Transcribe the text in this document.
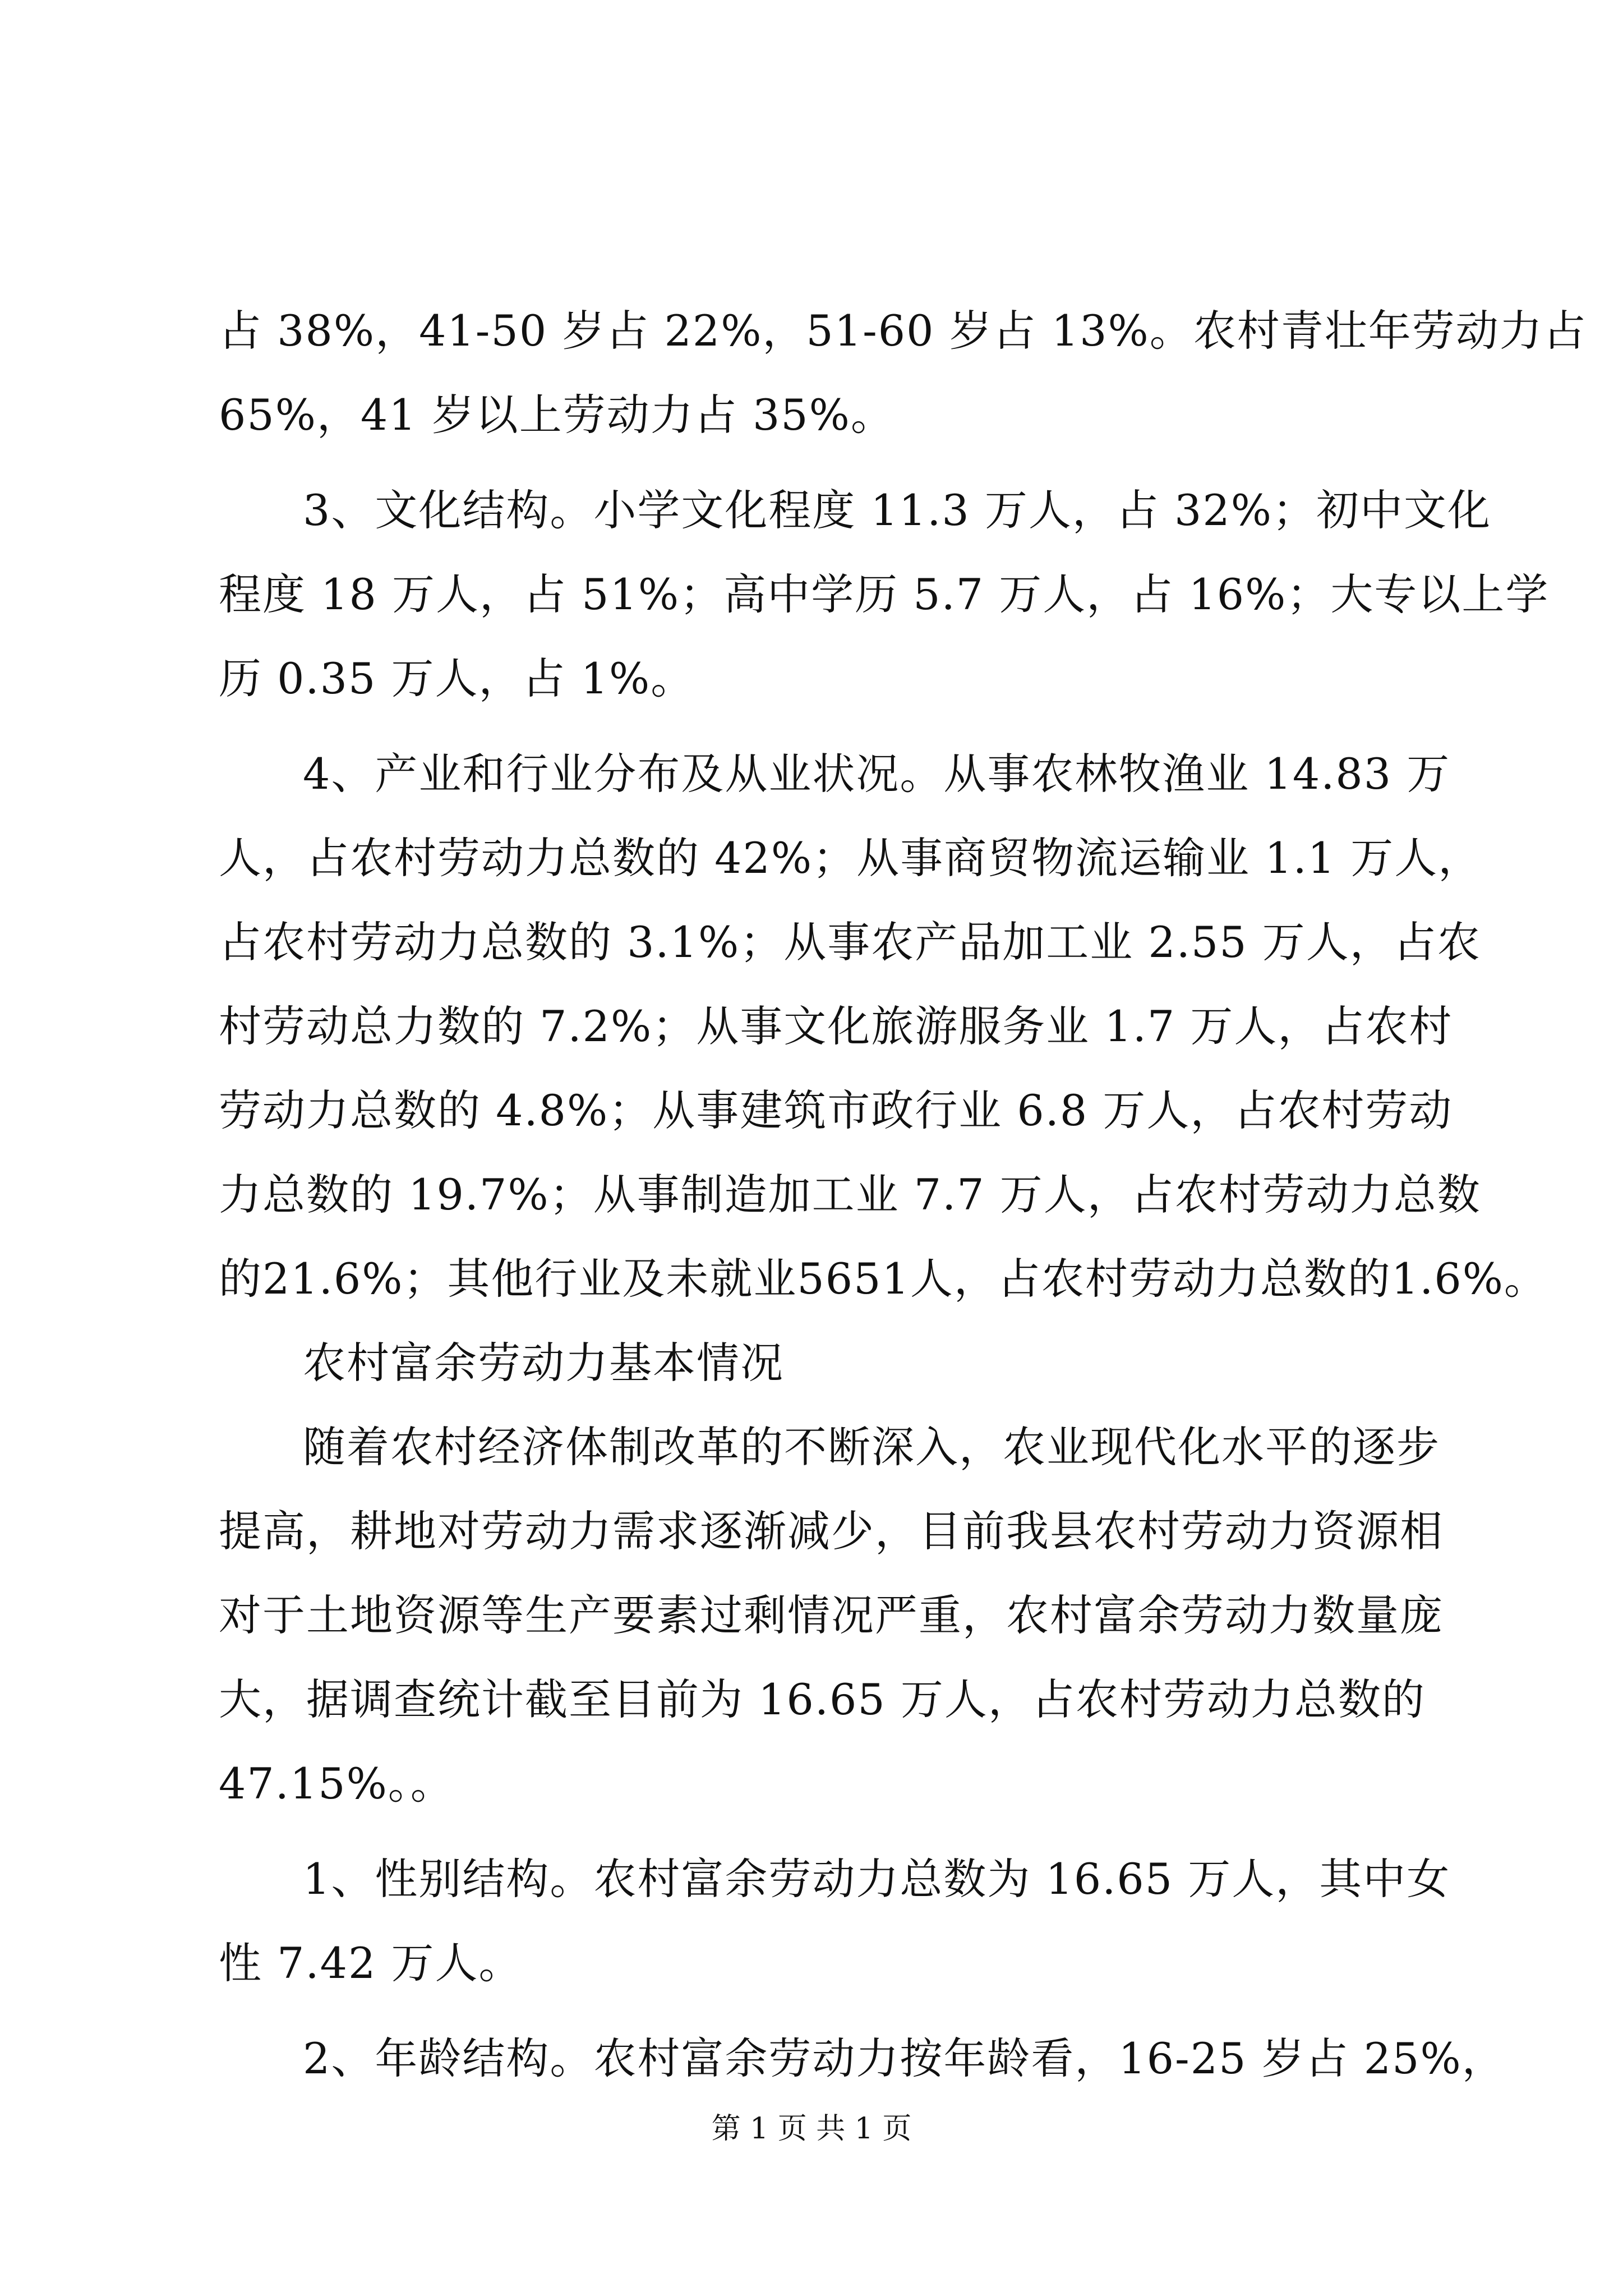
占 38%，41-50 岁占 22%，51-60 岁占 13%。农村青壮年劳动力占
65%，41 岁以上劳动力占 35%。
3、文化结构。小学文化程度 11.3 万人，占 32%；初中文化
程度 18 万人，占 51%；高中学历 5.7 万人，占 16%；大专以上学
历 0.35 万人，占 1%。
4、产业和行业分布及从业状况。从事农林牧渔业 14.83 万
人，占农村劳动力总数的 42%；从事商贸物流运输业 1.1 万人，
占农村劳动力总数的 3.1%；从事农产品加工业 2.55 万人，占农
村劳动总力数的 7.2%；从事文化旅游服务业 1.7 万人，占农村
劳动力总数的 4.8%；从事建筑市政行业 6.8 万人，占农村劳动
力总数的 19.7%；从事制造加工业 7.7 万人，占农村劳动力总数
的21.6%；其他行业及未就业5651人，占农村劳动力总数的1.6%。
农村富余劳动力基本情况
随着农村经济体制改革的不断深入，农业现代化水平的逐步
提高，耕地对劳动力需求逐渐减少，目前我县农村劳动力资源相
对于土地资源等生产要素过剩情况严重，农村富余劳动力数量庞
大，据调查统计截至目前为 16.65 万人，占农村劳动力总数的
47.15%。。
1、性别结构。农村富余劳动力总数为 16.65 万人，其中女
性 7.42 万人。
2、年龄结构。农村富余劳动力按年龄看，16-25 岁占 25%，
第 1 页 共 1 页
